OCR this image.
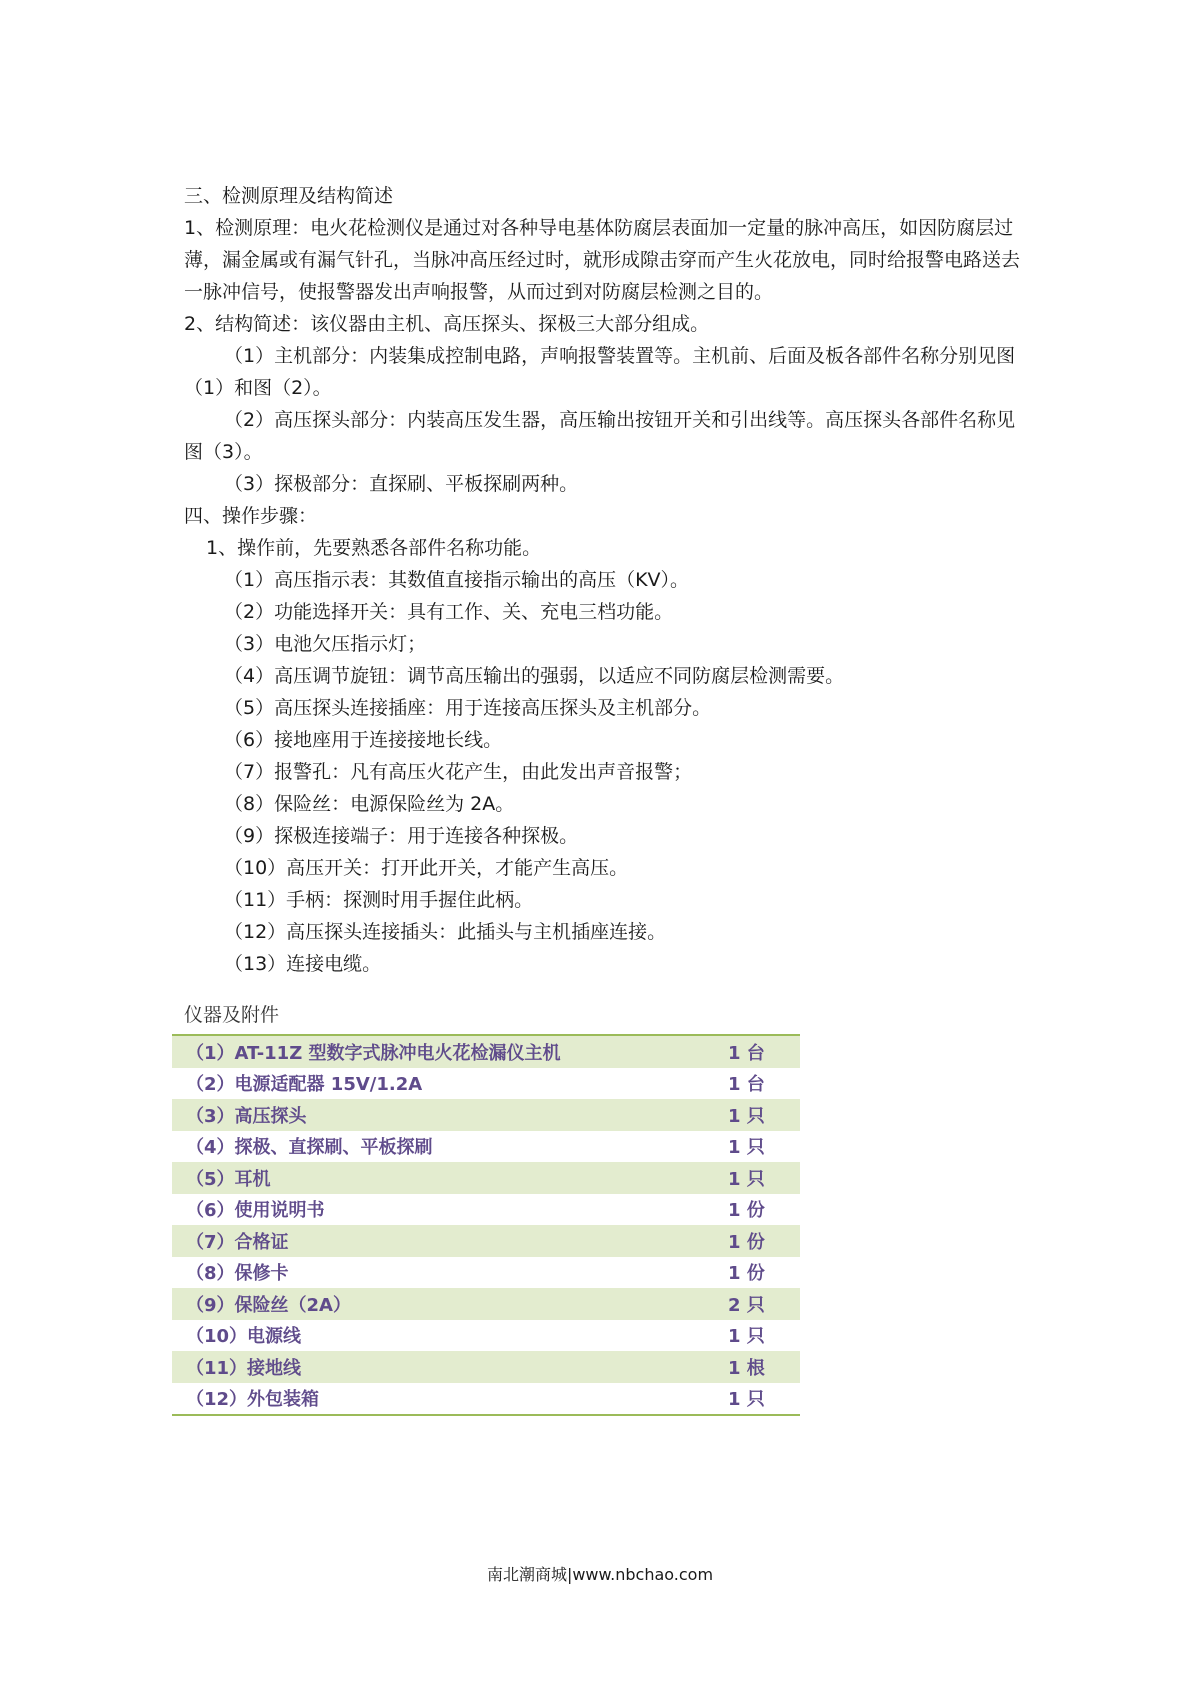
三、检测原理及结构简述

1、检测原理：电火花检测仪是通过对各种导电基体防腐层表面加一定量的脉冲高压，如因防腐层过薄，漏金属或有漏气针孔，当脉冲高压经过时，就形成隙击穿而产生火花放电，同时给报警电路送去一脉冲信号，使报警器发出声响报警，从而过到对防腐层检测之目的。

2、结构简述：该仪器由主机、高压探头、探极三大部分组成。

（1）主机部分：内装集成控制电路，声响报警装置等。主机前、后面及板各部件名称分别见图（1）和图（2）。

（2）高压探头部分：内装高压发生器，高压输出按钮开关和引出线等。高压探头各部件名称见图（3）。

（3）探极部分：直探刷、平板探刷两种。

四、操作步骤：

1、操作前，先要熟悉各部件名称功能。

（1）高压指示表：其数值直接指示输出的高压（KV）。

（2）功能选择开关：具有工作、关、充电三档功能。

（3）电池欠压指示灯；

（4）高压调节旋钮：调节高压输出的强弱，以适应不同防腐层检测需要。

（5）高压探头连接插座：用于连接高压探头及主机部分。

（6）接地座用于连接接地长线。

（7）报警孔：凡有高压火花产生，由此发出声音报警；

（8）保险丝：电源保险丝为 2A。

（9）探极连接端子：用于连接各种探极。

（10）高压开关：打开此开关，才能产生高压。

（11）手柄：探测时用手握住此柄。

（12）高压探头连接插头：此插头与主机插座连接。

（13）连接电缆。

仪器及附件
（1）AT-11Z 型数字式脉冲电火花检漏仪主机	1 台
（2）电源适配器 15V/1.2A	1 台
（3）高压探头	1 只
（4）探极、直探刷、平板探刷	1 只
（5）耳机	1 只
（6）使用说明书	1 份
（7）合格证	1 份
（8）保修卡	1 份
（9）保险丝（2A）	2 只
（10）电源线	1 只
（11）接地线	1 根
（12）外包装箱	1 只
南北潮商城|www.nbchao.com
